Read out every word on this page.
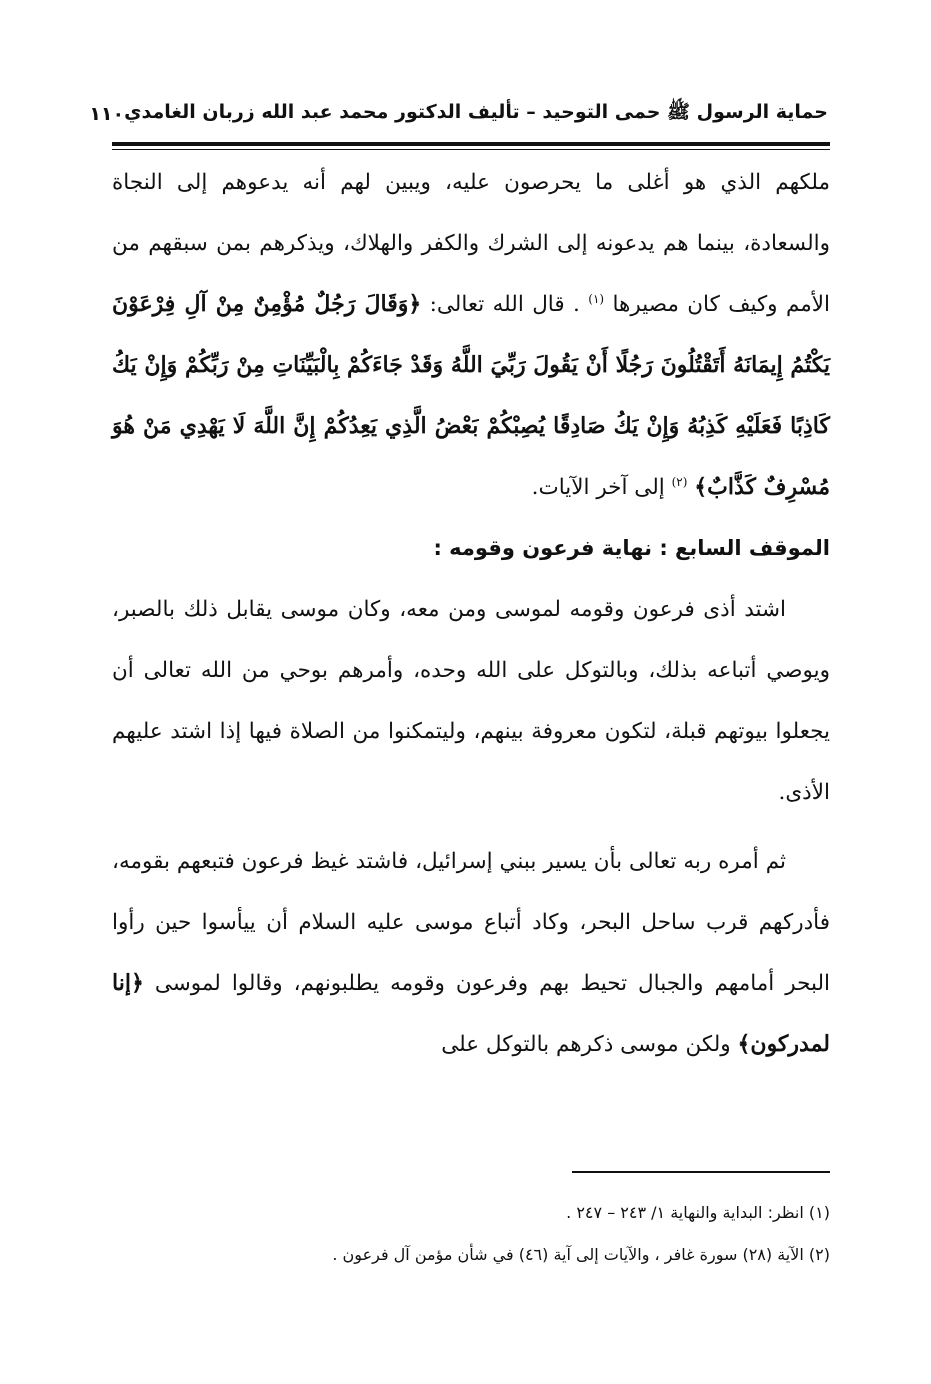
حماية الرسول ﷺ حمى التوحيد – تأليف الدكتور محمد عبد الله زربان الغامدي
١١٠

ملكهم الذي هو أغلى ما يحرصون عليه، ويبين لهم أنه يدعوهم إلى النجاة والسعادة، بينما هم يدعونه إلى الشرك والكفر والهلاك، ويذكرهم بمن سبقهم من الأمم وكيف كان مصيرها $^{(١)}$ . قال الله تعالى: ﴿وَقَالَ رَجُلٌ مُؤْمِنٌ مِنْ آلِ فِرْعَوْنَ يَكْتُمُ إِيمَانَهُ أَتَقْتُلُونَ رَجُلًا أَنْ يَقُولَ رَبِّيَ اللَّهُ وَقَدْ جَاءَكُمْ بِالْبَيِّنَاتِ مِنْ رَبِّكُمْ وَإِنْ يَكُ كَاذِبًا فَعَلَيْهِ كَذِبُهُ وَإِنْ يَكُ صَادِقًا يُصِبْكُمْ بَعْضُ الَّذِي يَعِدُكُمْ إِنَّ اللَّهَ لَا يَهْدِي مَنْ هُوَ مُسْرِفٌ كَذَّابٌ﴾ $^{(٢)}$ إلى آخر الآيات.

الموقف السابع : نهاية فرعون وقومه :

اشتد أذى فرعون وقومه لموسى ومن معه، وكان موسى يقابل ذلك بالصبر، ويوصي أتباعه بذلك، وبالتوكل على الله وحده، وأمرهم بوحي من الله تعالى أن يجعلوا بيوتهم قبلة، لتكون معروفة بينهم، وليتمكنوا من الصلاة فيها إذا اشتد عليهم الأذى.

ثم أمره ربه تعالى بأن يسير ببني إسرائيل، فاشتد غيظ فرعون فتبعهم بقومه، فأدركهم قرب ساحل البحر، وكاد أتباع موسى عليه السلام أن ييأسوا حين رأوا البحر أمامهم والجبال تحيط بهم وفرعون وقومه يطلبونهم، وقالوا لموسى ﴿إنا لمدركون﴾ ولكن موسى ذكرهم بالتوكل على

(١) انظر: البداية والنهاية ١/ ٢٤٣ – ٢٤٧ .

(٢) الآية (٢٨) سورة غافر ، والآيات إلى آية (٤٦) في شأن مؤمن آل فرعون .
